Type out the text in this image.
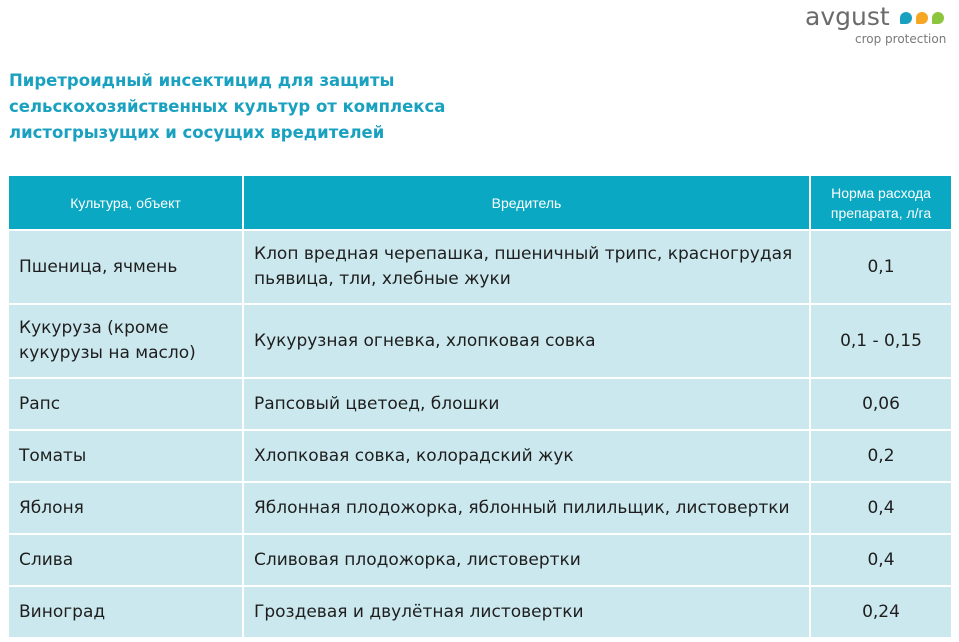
avgust
crop protection
Пиретроидный инсектицид для защиты
сельскохозяйственных культур от комплекса
листогрызущих и сосущих вредителей
Культура, объект	Вредитель	Норма расхода препарата, л/га
Пшеница, ячмень	Клоп вредная черепашка, пшеничный трипс, красногрудая пьявица, тли, хлебные жуки	0,1
Кукуруза (кроме кукурузы на масло)	Кукурузная огневка, хлопковая совка	0,1 - 0,15
Рапс	Рапсовый цветоед, блошки	0,06
Томаты	Хлопковая совка, колорадский жук	0,2
Яблоня	Яблонная плодожорка, яблонный пилильщик, листовертки	0,4
Слива	Сливовая плодожорка, листовертки	0,4
Виноград	Гроздевая и двулётная листовертки	0,24
